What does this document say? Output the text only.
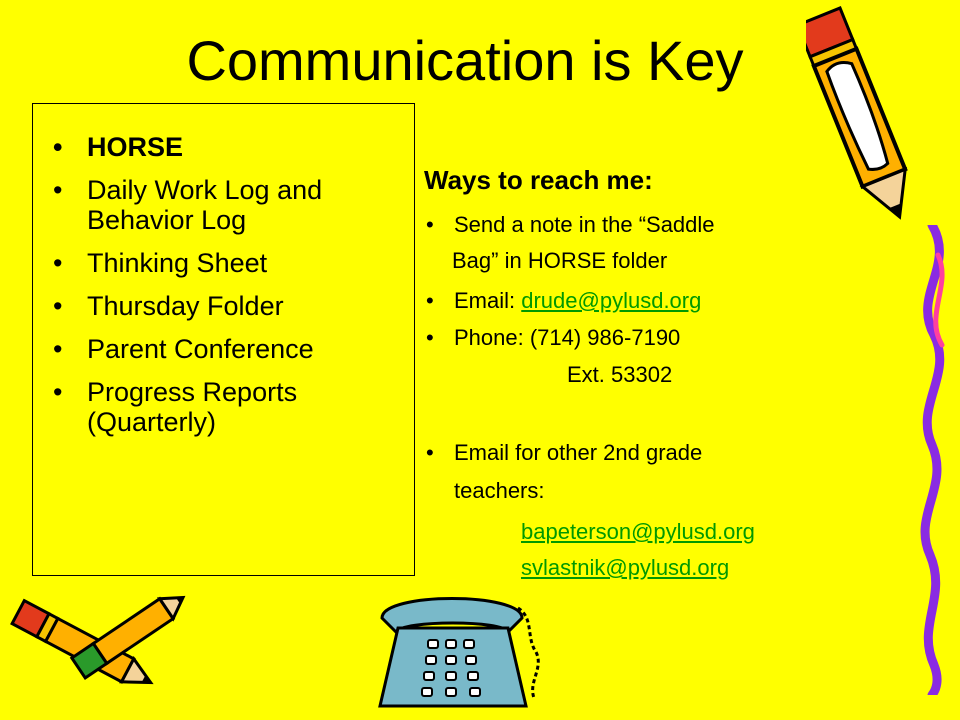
Communication is Key
• HORSE
• Daily Work Log and Behavior Log
• Thinking Sheet
• Thursday Folder
• Parent Conference
• Progress Reports (Quarterly)
Ways to reach me:
• Send a note in the “Saddle
Bag” in HORSE folder
• Email: drude@pylusd.org
• Phone: (714) 986-7190
Ext. 53302
• Email for other 2nd grade
teachers:
bapeterson@pylusd.org
svlastnik@pylusd.org
